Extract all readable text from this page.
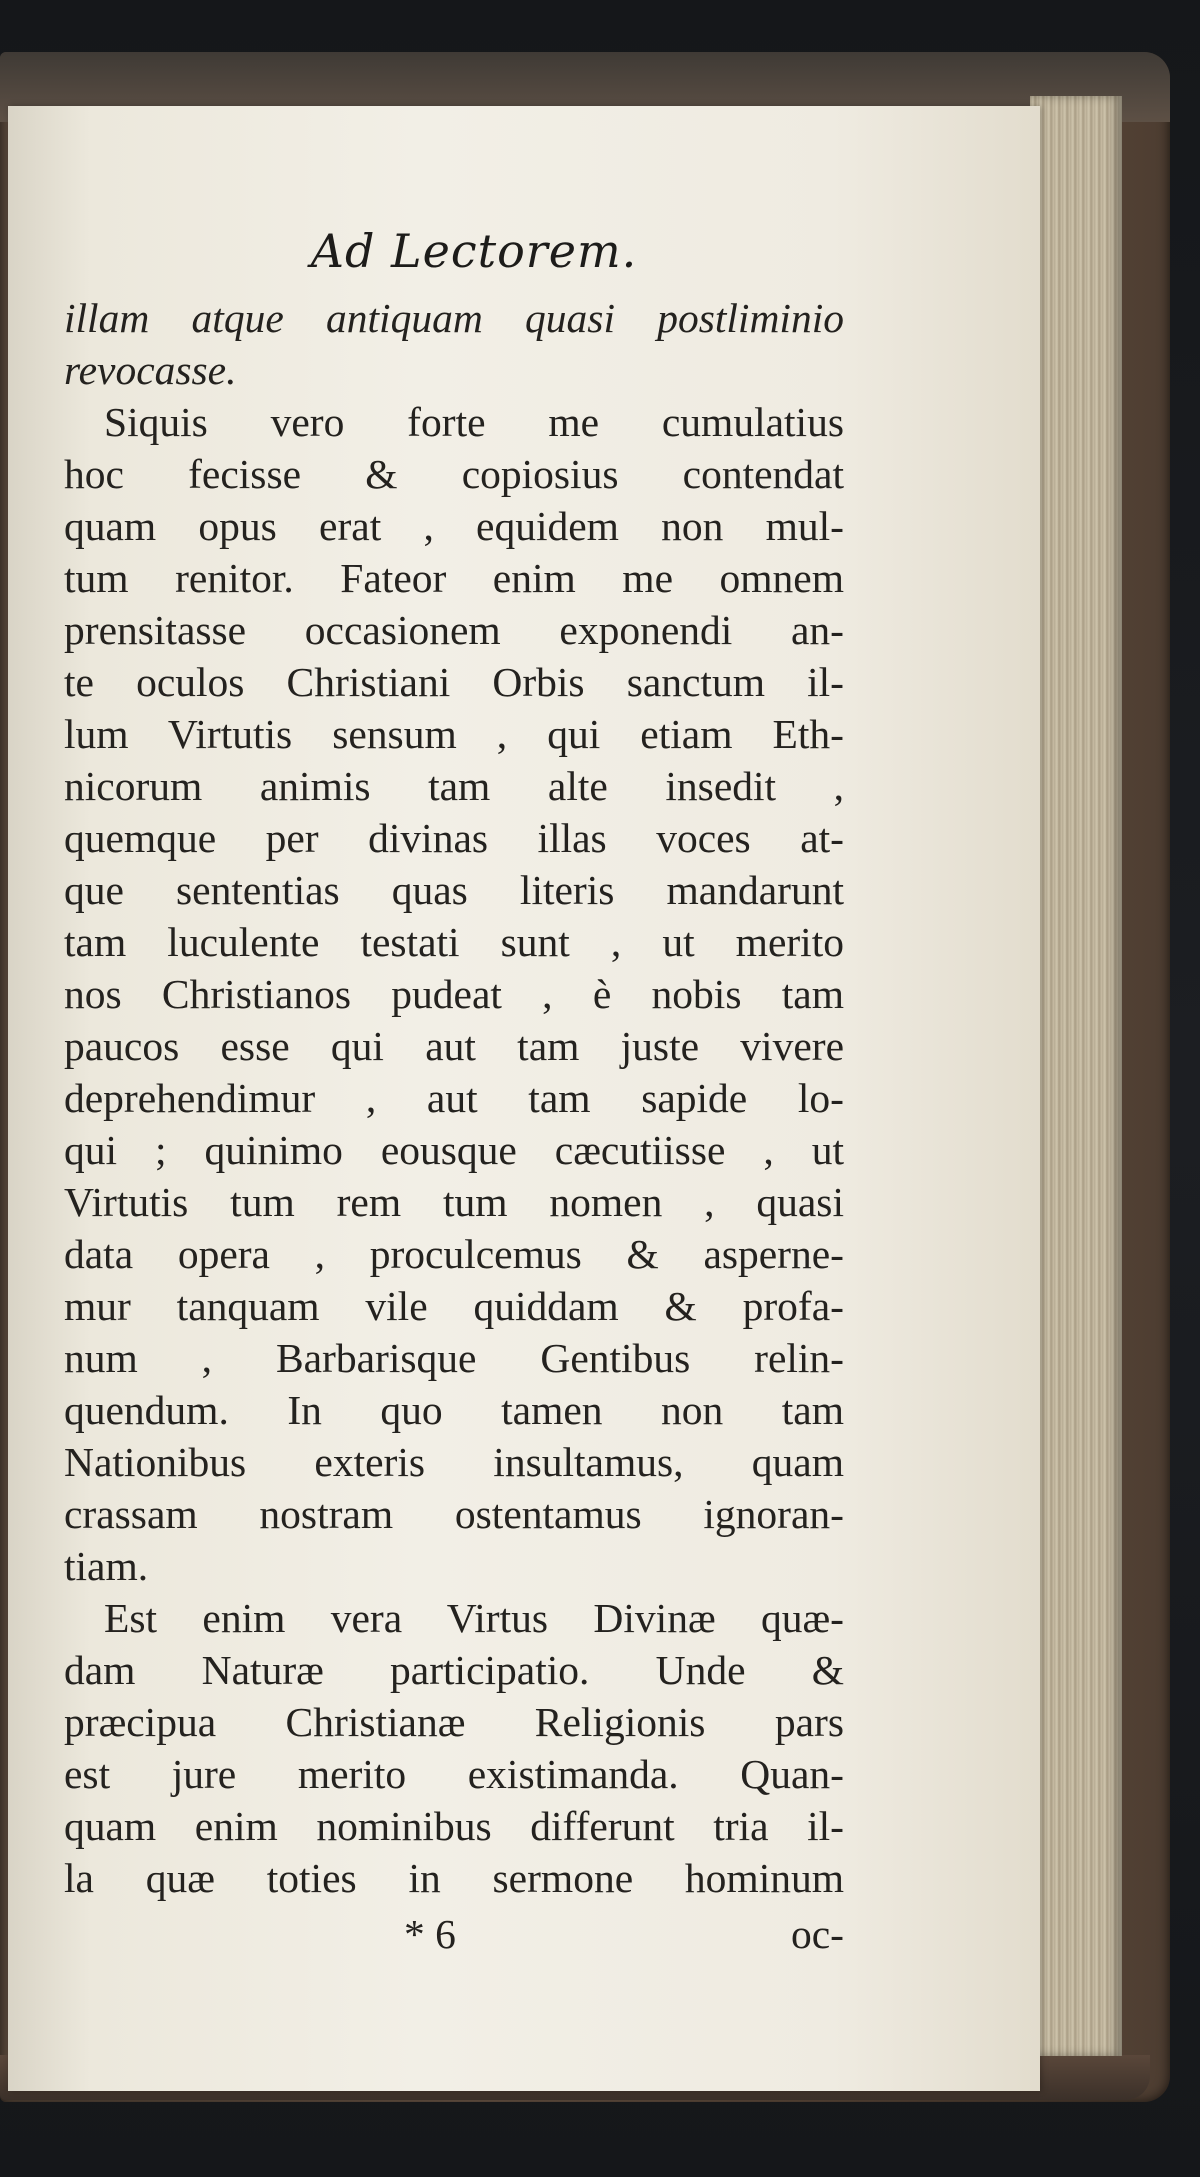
Ad Lectorem.
illam atque antiquam quasi postliminio
revocasse.
Siquis vero forte me cumulatius
hoc fecisse & copiosius contendat
quam opus erat , equidem non mul-
tum renitor. Fateor enim me omnem
prensitasse occasionem exponendi an-
te oculos Christiani Orbis sanctum il-
lum Virtutis sensum , qui etiam Eth-
nicorum animis tam alte insedit ,
quemque per divinas illas voces at-
que sententias quas literis mandarunt
tam luculente testati sunt , ut merito
nos Christianos pudeat , è nobis tam
paucos esse qui aut tam juste vivere
deprehendimur , aut tam sapide lo-
qui ; quinimo eousque cæcutiisse , ut
Virtutis tum rem tum nomen , quasi
data opera , proculcemus & asperne-
mur tanquam vile quiddam & profa-
num , Barbarisque Gentibus relin-
quendum. In quo tamen non tam
Nationibus exteris insultamus, quam
crassam nostram ostentamus ignoran-
tiam.
Est enim vera Virtus Divinæ quæ-
dam Naturæ participatio. Unde &
præcipua Christianæ Religionis pars
est jure merito existimanda. Quan-
quam enim nominibus differunt tria il-
la quæ toties in sermone hominum
* 6	oc-
